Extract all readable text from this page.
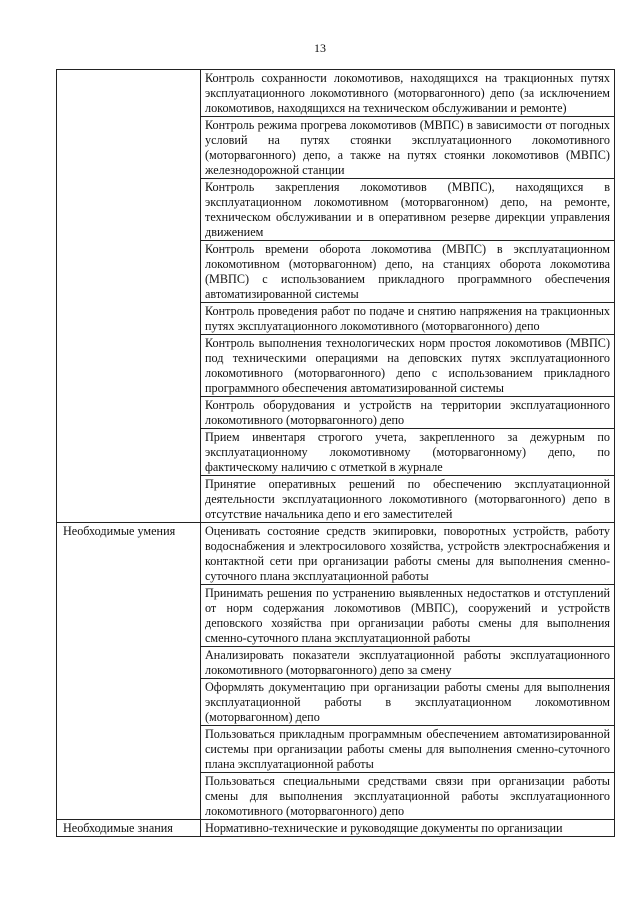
13
	Контроль сохранности локомотивов, находящихся на тракционных путях эксплуатационного локомотивного (моторвагонного) депо (за исключением локомотивов, находящихся на техническом обслуживании и ремонте)
	Контроль режима прогрева локомотивов (МВПС) в зависимости от погодных условий на путях стоянки эксплуатационного локомотивного (моторвагонного) депо, а также на путях стоянки локомотивов (МВПС) железнодорожной станции
	Контроль закрепления локомотивов (МВПС), находящихся в эксплуатационном локомотивном (моторвагонном) депо, на ремонте, техническом обслуживании и в оперативном резерве дирекции управления движением
	Контроль времени оборота локомотива (МВПС) в эксплуатационном локомотивном (моторвагонном) депо, на станциях оборота локомотива (МВПС) с использованием прикладного программного обеспечения автоматизированной системы
	Контроль проведения работ по подаче и снятию напряжения на тракционных путях эксплуатационного локомотивного (моторвагонного) депо
	Контроль выполнения технологических норм простоя локомотивов (МВПС) под техническими операциями на деповских путях эксплуатационного локомотивного (моторвагонного) депо с использованием прикладного программного обеспечения автоматизированной системы
	Контроль оборудования и устройств на территории эксплуатационного локомотивного (моторвагонного) депо
	Прием инвентаря строгого учета, закрепленного за дежурным по эксплуатационному локомотивному (моторвагонному) депо, по фактическому наличию с отметкой в журнале
	Принятие оперативных решений по обеспечению эксплуатационной деятельности эксплуатационного локомотивного (моторвагонного) депо в отсутствие начальника депо и его заместителей
Необходимые умения	Оценивать состояние средств экипировки, поворотных устройств, работу водоснабжения и электросилового хозяйства, устройств электроснабжения и контактной сети при организации работы смены для выполнения сменно-суточного плана эксплуатационной работы
	Принимать решения по устранению выявленных недостатков и отступлений от норм содержания локомотивов (МВПС), сооружений и устройств деповского хозяйства при организации работы смены для выполнения сменно-суточного плана эксплуатационной работы
	Анализировать показатели эксплуатационной работы эксплуатационного локомотивного (моторвагонного) депо за смену
	Оформлять документацию при организации работы смены для выполнения эксплуатационной работы в эксплуатационном локомотивном (моторвагонном) депо
	Пользоваться прикладным программным обеспечением автоматизированной системы при организации работы смены для выполнения сменно-суточного плана эксплуатационной работы
	Пользоваться специальными средствами связи при организации работы смены для выполнения эксплуатационной работы эксплуатационного локомотивного (моторвагонного) депо
Необходимые знания	Нормативно-технические и руководящие документы по организации
